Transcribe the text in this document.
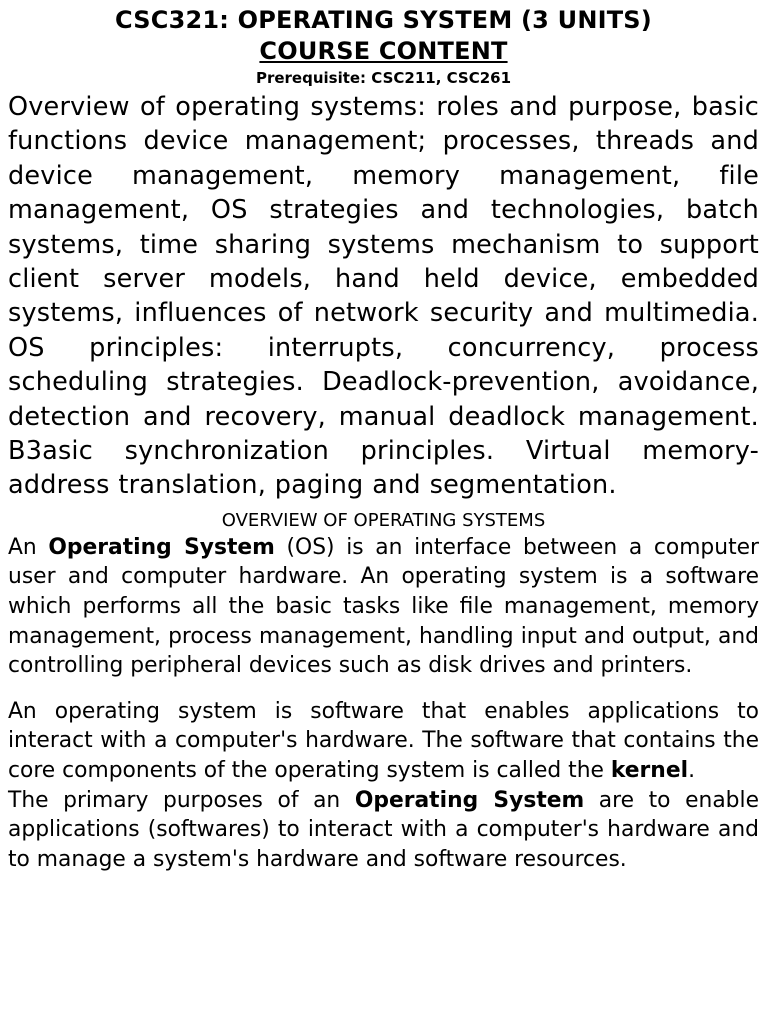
CSC321: OPERATING SYSTEM (3 UNITS)
COURSE CONTENT

Prerequisite: CSC211, CSC261

Overview of operating systems: roles and purpose, basic functions device management; processes, threads and device management, memory management, file management, OS strategies and technologies, batch systems, time sharing systems mechanism to support client server models, hand held device, embedded systems, influences of network security and multimedia. OS principles: interrupts, concurrency, process scheduling strategies. Deadlock-prevention, avoidance, detection and recovery, manual deadlock management. B3asic synchronization principles. Virtual memory-address translation, paging and segmentation.

OVERVIEW OF OPERATING SYSTEMS

An Operating System (OS) is an interface between a computer user and computer hardware. An operating system is a software which performs all the basic tasks like file management, memory management, process management, handling input and output, and controlling peripheral devices such as disk drives and printers.

An operating system is software that enables applications to interact with a computer's hardware. The software that contains the core components of the operating system is called the kernel.

The primary purposes of an Operating System are to enable applications (softwares) to interact with a computer's hardware and to manage a system's hardware and software resources.
